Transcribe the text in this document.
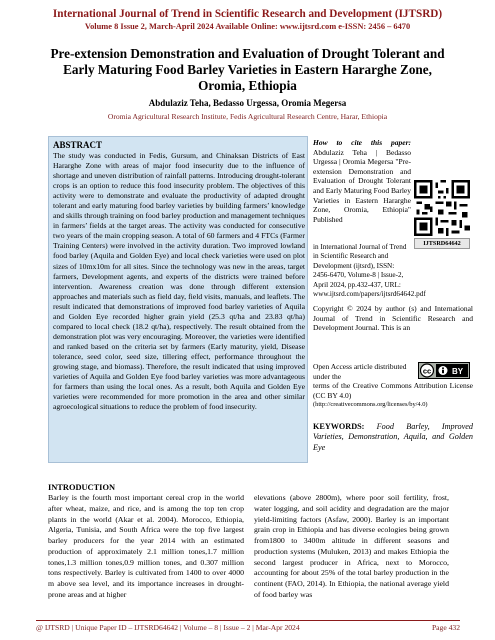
International Journal of Trend in Scientific Research and Development (IJTSRD)
Volume 8 Issue 2, March-April 2024 Available Online: www.ijtsrd.com e-ISSN: 2456 – 6470
Pre-extension Demonstration and Evaluation of Drought Tolerant and Early Maturing Food Barley Varieties in Eastern Hararghe Zone, Oromia, Ethiopia
Abdulaziz Teha, Bedasso Urgessa, Oromia Megersa
Oromia Agricultural Research Institute, Fedis Agricultural Research Centre, Harar, Ethiopia
ABSTRACT
The study was conducted in Fedis, Gursum, and Chinaksan Districts of East Hararghe Zone with areas of major food insecurity due to the influence of shortage and uneven distribution of rainfall patterns. Introducing drought-tolerant crops is an option to reduce this food insecurity problem. The objectives of this activity were to demonstrate and evaluate the productivity of adapted drought tolerant and early maturing food barley varieties by building farmers’ knowledge and skills through training on food barley production and management techniques in farmers’ fields at the target areas. The activity was conducted for consecutive two years of the main cropping season. A total of 60 farmers and 4 FTCs (Farmer Training Centers) were involved in the activity duration. Two improved lowland food barley (Aquila and Golden Eye) and local check varieties were used on plot sizes of 10mx10m for all sites. Since the technology was new in the areas, target farmers, Development agents, and experts of the districts were trained before intervention. Awareness creation was done through different extension approaches and materials such as field day, field visits, manuals, and leaflets. The result indicated that demonstrations of improved food barley varieties of Aquila and Golden Eye recorded higher grain yield (25.3 qt/ha and 23.83 qt/ha) compared to local check (18.2 qt/ha), respectively. The result obtained from the demonstration plot was very encouraging. Moreover, the varieties were identified and ranked based on the criteria set by farmers (Early maturity, yield, Disease tolerance, seed color, seed size, tillering effect, performance throughout the growing stage, and biomass). Therefore, the result indicated that using improved varieties of Aquila and Golden Eye food barley varieties was more advantageous for farmers than using the local ones. As a result, both Aquila and Golden Eye varieties were recommended for more promotion in the area and other similar agroecological situations to reduce the problem of food insecurity.
How to cite this paper: Abdulaziz Teha | Bedasso Urgessa | Oromia Megersa "Pre-extension Demonstration and Evaluation of Drought Tolerant and Early Maturing Food Barley Varieties in Eastern Hararghe Zone, Oromia, Ethiopia" Published
IJTSRD64642
in International Journal of Trend in Scientific Research and Development (ijtsrd), ISSN: 2456-6470, Volume-8 | Issue-2, April 2024, pp.432-437, URL: www.ijtsrd.com/papers/ijtsrd64642.pdf
Copyright © 2024 by author (s) and International Journal of Trend in Scientific Research and Development Journal. This is an
Open Access article distributed under the
cc	BY
terms of the Creative Commons Attribution License (CC BY 4.0)
(http://creativecommons.org/licenses/by/4.0)
KEYWORDS: Food Barley, Improved Varieties, Demonstration, Aquila, and Golden Eye
INTRODUCTION
Barley is the fourth most important cereal crop in the world after wheat, maize, and rice, and is among the top ten crop plants in the world (Akar et al. 2004). Morocco, Ethiopia, Algeria, Tunisia, and South Africa were the top five largest barley producers for the year 2014 with an estimated production of approximately 2.1 million tones,1.7 million tones,1.3 million tones,0.9 million tones, and 0.307 million tons respectively. Barley is cultivated from 1400 to over 4000 m above sea level, and its importance increases in drought-prone areas and at higher
elevations (above 2800m), where poor soil fertility, frost, water logging, and soil acidity and degradation are the major yield-limiting factors (Asfaw, 2000). Barley is an important grain crop in Ethiopia and has diverse ecologies being grown from1800 to 3400m altitude in different seasons and production systems (Muluken, 2013) and makes Ethiopia the second largest producer in Africa, next to Morocco, accounting for about 25% of the total barley production in the continent (FAO, 2014). In Ethiopia, the national average yield of food barley was
@ IJTSRD | Unique Paper ID – IJTSRD64642 | Volume – 8 | Issue – 2 | Mar-Apr 2024	Page 432
